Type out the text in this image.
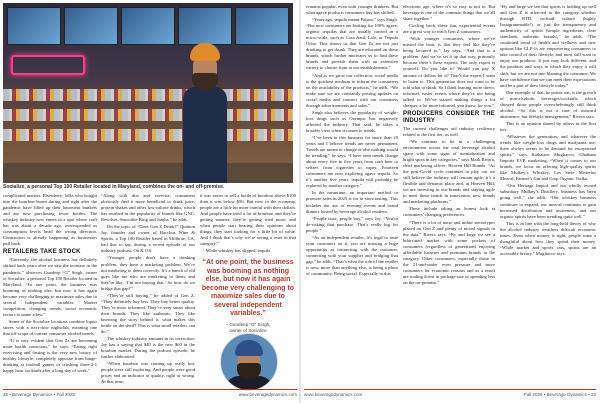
Socialize, a personal Top 100 Retailer located in Maryland, combines the on- and off-premise.

complicated matters. Elsewhere, folks who bought into the bourbon boom during and right after the pandemic have filled up their basement bunkers and are now purchasing fewer bottles. The whiskey industry now enters in a spot where craft bar was about a decade ago, overexpanded as consumption levels head the wrong direction. Contraction is already happening as businesses pull back.

RETAILERS TAKE STOCK

“Currently, the alcohol business has definitely shifted back years after we saw the increase in the pandemic,” observes Gundeep “G” Singh, owner of Socialize, a personal Top 100 Retailer located in Maryland. “In one point, the business was booming as nothing else, but now it has again become very challenging to maximize sales due to several independent variables. Market competition, changing trends, social economic factors to name a few.”

Some of the Socialize locations combine liquor stores with a next-door nightclub, meaning one that off-scope of current consumer alcohol trends.

“It is very evident that Gen Zs are becoming more health conscious,” he says. “Eating right exercising and fasting is the very new luxury of healthy lifestyle; completely opposite from binge-drinking at football games or crushing three-2-1 happy hour cocktails after a long day of work.”

“Along with diet and exercise, consumers obviously find it more beneficial to drink juice, protein shakes and other low-calorie drinks, which has resulted in the popularity of brands like GNC, Revolver, Smoothie King and Jamba,” he adds.

On the topic of “Does Gen Z Drink?” Quinton Jay, founder and owner of Bacchus Wine & Spirits, a Top 100 Retailer based in Millbrae, CA, had this to say, during a recent episode of our industry podcast, On & Off.

“Younger people don’t have a drinking problem, they have a marketing problem. We’re not marketing to them correctly. It’s a bunch of old guys like me who are marketing to them, and they’re like, ‘I’m not buying that.’ So how do we bridge that gap?”

“They’re still buying,” he added of Gen Z. “They definitely buy less. They buy better quality. They’re more informed. They’re very smart about their brands. They like authentic. They like knowing the story behind it, what makes this bottle on the shelf? This is what small retailers can do.”

The whiskey industry remains in its correction; Jay has a saying that $40 is the new $60 in the bourbon market. During the podcast episode, he further elaborated:

“When bourbon was coming up really hot, people were still exploring. And people were good prices and an indicator of quality, right or wrong. At that time,

“At one point, the business was booming as nothing else, but now it has again become very challenging to maximize sales due to several independent variables.”
– Gundeep “G” Singh,
owner of Socialize

remains popular, even with younger drinkers. But what agave products consumers buy has shifted.

“Years ago, tequila meant Patron,” says Singh. “But now consumers are looking for 100% agave, organic tequilas that are usually carried in a micro-scale, such as Casa Azul, Lalo, or Tequila Ocho. This shows us that Gen Zs are not just drinking to get drunk. They are educated on these brands, which further motivates us to find these brands and provide them with an extensive variety to choose from at our establishments.”

“And as we grow our collection, social media is the quickest medium to inform the consumers on the availability of the products,” he adds. “We make sure we are constantly posting updates on social media and connect with our customers through advertisements and sales.”

Singh also believes the popularity of weight-loss drugs such as Ozempic has negatively affected the industry. That said, he takes a broader view when it comes to trends.

“I’ve been in this business for more than 20 years and I believe trends are never permanent. Trends are meant to change or else nothing would be trending,” he says. “I have seen trends change about every five to five years from craft beer to seltzer, from cigarettes to vapes. Fourteen consumers are now exploring agave tequila. So it’s another five years, tequila will probably be replaced by another category.”

In the meantime, an important method to promote sales in 2025 is for in-store tasting. This includes the use of evening events and brand dinners hosted by beverage alcohol retailers.

“People taste, people buy,” says Jay. “You’re de-risking that purchase. That’s really big for people.”

“As an independent retailer, it’s legal to taste your customers on it, you are missing a huge opportunity at connecting with the customer, connecting with your supplier and bridging that gap,” he adds. “That’s what the role of the retailer is now, more than anything else, is being a place of community. Being social. Especially in this

electronic age, where it’s so easy to not to. But beverage is one of the common things that we all share together.”

Circling back, these fun, experiential events are a great way to reach Gen Z consumers.

“With younger consumers, where we’ve missed the boat, is that they feel like they’re being lectured to,” Jay says. “And that is a problem. And we’ve set it up that way, primarily because there’s these experts. The only expert is yourself. Do you like it? Would you pay X amount of dollars for it? That’s the expert I want to listen to. This generation does not want to be told what to drink. So I think leaning more direct, informal, easier events where they’re not being talked to. We’ve started making things a bit cheaper, a lot more informal, you know, for you.”

PRODUCERS CONSIDER THE INDUSTRY

The current challenges aid industry resiliency related to the first tier, as well.

“We continue to be in a challenging environment across the total beverage alcohol space with some signs of normalization and bright spots in key categories,” says Mark Rivera, chief marketing officer, Heaven Hill Brands. “As the post-Covid cycle continues to play out we still believe the industry will remain agile, it’s a flexible and dynamic place and, at Heaven Hill, we are investing in our brands and staying agile to meet these trends in innovation, new brands and marketing platforms.”

These include taking an honest look at consumers’ changing preferences.

“There is a lot of noise and unfair stereotypes placed on Gen Z and plenty of mixed signals in the data,” Rivera says. “By and large we see a bifurcated market with some pockets of consumers (regardless of generation) enjoying affordable luxuries and premium brands in the category. Other consumers, especially those in the 21-and-under even pressure and more consumers for economic reasons and as a result are trading down in package size or spending less on the on-premise.”

“By and large we see that spirits is holding up well and Gen Z is attracted to the category whether through RTD, cocktail culture (highly Instagrammable!), or just the transparency and authenticity of spirits (simple ingredients, clear standards, authentic brands),” he adds. “The continued trend of health and wellness and new options like GLP-1s are empowering consumers to take control of their lifestyle, and most still want to enjoy our products. It just may look different, and the products and ways in which they enjoy it will shift, but we are not into blaming the consumer. We have confidence that we can meet their expectations and be a part of their lifestyle today.”

One example of that, he points out, is the growth of non-alcoholic beverages/cocktails, which showed those people overwhelmingly still think alcohol. “So this is not a case of outward abstinence, but lifestyle management,” Rivera says.

This is an opinion shared by others in the first tier.

“Whatever the generation, and whatever the trends like weight-loss drugs and marijuana use, there always seems to be demand for exceptional spirits,” says Katharine Mugliacco, Chatham Imports EVP, marketing. “When it comes to our brands, we focus on offering high-quality spirits like Mulkey’s Whiskey, Los Siete Misterios Mezcal, Farmer’s Gin and Crop Organic Vodka.

“Our Heritage Import and our wholly owned subsidiary Mulkey’s Distillery, business has been going well,” she adds. “Our whiskey business continues to expand, our mezcal continues to gain increased distribution and awareness, and our organic spirits have been trending quite well.”

This is in line with the long-held theory of why the alcohol industry weathers difficult economic times: Even when money is tight, people want a thoughtful about how they spend their money. “While market and sports cars, spirits are an accessible luxury,” Mugliacco says.

22 • Beverage Dynamics • Fall 2025	www.beveragedynamics.com www.beveragedynamics.com	Fall 2025 • Beverage Dynamics • 23

it was easier to sell a bottle of bourbon above $100 than it was below $50. But now in the economy, people are a little bit more careful with their dollars. And people have tried a lot of bourbon and they’re getting smarter, they’re getting tried more, and when people start hearing their opinions about things, they start looking for a little bit of value. And I think that’s why we’re seeing a reset in that category.”

While whiskey has slipped, tequila
